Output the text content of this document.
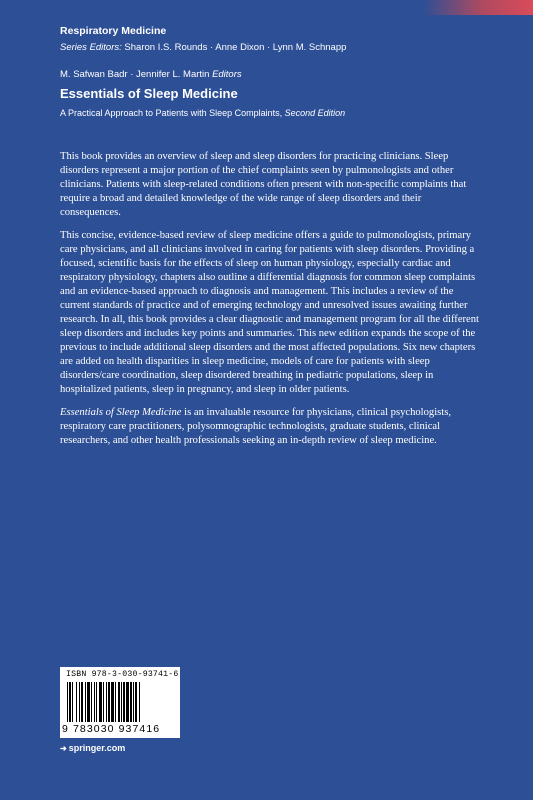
Respiratory Medicine
Series Editors: Sharon I.S. Rounds · Anne Dixon · Lynn M. Schnapp
M. Safwan Badr · Jennifer L. Martin Editors
Essentials of Sleep Medicine
A Practical Approach to Patients with Sleep Complaints, Second Edition

This book provides an overview of sleep and sleep disorders for practicing clinicians. Sleep disorders represent a major portion of the chief complaints seen by pulmonologists and other clinicians. Patients with sleep-related conditions often present with non-specific complaints that require a broad and detailed knowledge of the wide range of sleep disorders and their consequences.

This concise, evidence-based review of sleep medicine offers a guide to pulmonologists, primary care physicians, and all clinicians involved in caring for patients with sleep disorders. Providing a focused, scientific basis for the effects of sleep on human physiology, especially cardiac and respiratory physiology, chapters also outline a differential diagnosis for common sleep complaints and an evidence-based approach to diagnosis and management. This includes a review of the current standards of practice and of emerging technology and unresolved issues awaiting further research. In all, this book provides a clear diagnostic and management program for all the different sleep disorders and includes key points and summaries. This new edition expands the scope of the previous to include additional sleep disorders and the most affected populations. Six new chapters are added on health disparities in sleep medicine, models of care for patients with sleep disorders/care coordination, sleep disordered breathing in pediatric populations, sleep in hospitalized patients, sleep in pregnancy, and sleep in older patients.

Essentials of Sleep Medicine is an invaluable resource for physicians, clinical psychologists, respiratory care practitioners, polysomnographic technologists, graduate students, clinical researchers, and other health professionals seeking an in-depth review of sleep medicine.

ISBN 978-3-030-93741-6
9 783030 937416
➜ springer.com
